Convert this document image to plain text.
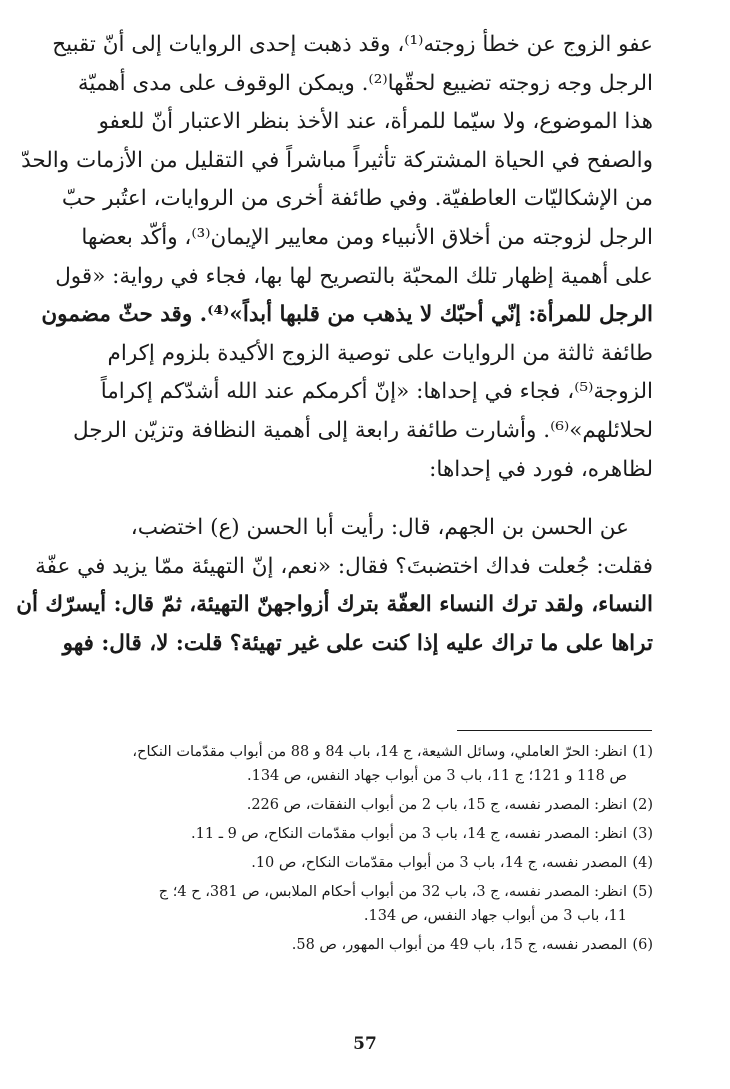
عفو الزوج عن خطأ زوجته⁽¹⁾، وقد ذهبت إحدى الروايات إلى أنّ تقبيح
الرجل وجه زوجته تضييع لحقّها⁽²⁾. ويمكن الوقوف على مدى أهميّة
هذا الموضوع، ولا سيّما للمرأة، عند الأخذ بنظر الاعتبار أنّ للعفو
والصفح في الحياة المشتركة تأثيراً مباشراً في التقليل من الأزمات والحدّ
من الإشكاليّات العاطفيّة. وفي طائفة أخرى من الروايات، اعتُبر حبّ
الرجل لزوجته من أخلاق الأنبياء ومن معايير الإيمان⁽³⁾، وأكّد بعضها
على أهمية إظهار تلك المحبّة بالتصريح لها بها، فجاء في رواية: «قول
الرجل للمرأة: إنّي أحبّك لا يذهب من قلبها أبداً»⁽⁴⁾. وقد حثّ مضمون
طائفة ثالثة من الروايات على توصية الزوج الأكيدة بلزوم إكرام
الزوجة⁽⁵⁾، فجاء في إحداها: «إنّ أكرمكم عند الله أشدّكم إكراماً
لحلائلهم»⁽⁶⁾. وأشارت طائفة رابعة إلى أهمية النظافة وتزيّن الرجل
لظاهره، فورد في إحداها:

عن الحسن بن الجهم، قال: رأيت أبا الحسن (ع) اختضب،
فقلت: جُعلت فداك اختضبتَ؟ فقال: «نعم، إنّ التهيئة ممّا يزيد في عفّة
النساء، ولقد ترك النساء العفّة بترك أزواجهنّ التهيئة، ثمّ قال: أيسرّك أن
تراها على ما تراك عليه إذا كنت على غير تهيئة؟ قلت: لا، قال: فهو

(1)
انظر: الحرّ العاملي، وسائل الشيعة، ج 14، باب 84 و 88 من أبواب مقدّمات النكاح،
ص 118 و 121؛ ج 11، باب 3 من أبواب جهاد النفس، ص 134.
(2)
انظر: المصدر نفسه، ج 15، باب 2 من أبواب النفقات، ص 226.
(3)
انظر: المصدر نفسه، ج 14، باب 3 من أبواب مقدّمات النكاح، ص 9 ـ 11.
(4)
المصدر نفسه، ج 14، باب 3 من أبواب مقدّمات النكاح، ص 10.
(5)
انظر: المصدر نفسه، ج 3، باب 32 من أبواب أحكام الملابس، ص 381، ح 4؛ ج
11، باب 3 من أبواب جهاد النفس، ص 134.
(6)
المصدر نفسه، ج 15، باب 49 من أبواب المهور، ص 58.
57
